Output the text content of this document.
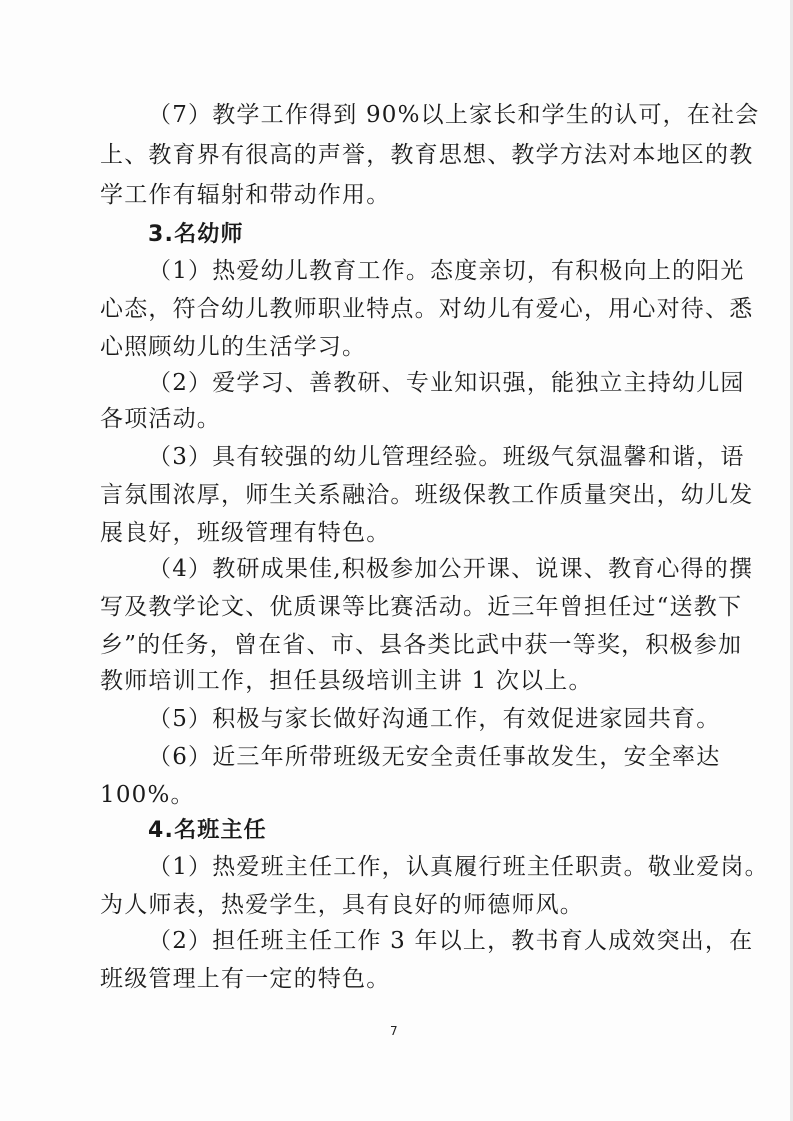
（7）教学工作得到 90%以上家长和学生的认可，在社会
上、教育界有很高的声誉，教育思想、教学方法对本地区的教
学工作有辐射和带动作用。
3.名幼师
（1）热爱幼儿教育工作。态度亲切，有积极向上的阳光
心态，符合幼儿教师职业特点。对幼儿有爱心，用心对待、悉
心照顾幼儿的生活学习。
（2）爱学习、善教研、专业知识强，能独立主持幼儿园
各项活动。
（3）具有较强的幼儿管理经验。班级气氛温馨和谐，语
言氛围浓厚，师生关系融洽。班级保教工作质量突出，幼儿发
展良好，班级管理有特色。
（4）教研成果佳,积极参加公开课、说课、教育心得的撰
写及教学论文、优质课等比赛活动。近三年曾担任过“送教下
乡”的任务，曾在省、市、县各类比武中获一等奖，积极参加
教师培训工作，担任县级培训主讲 1 次以上。
（5）积极与家长做好沟通工作，有效促进家园共育。
（6）近三年所带班级无安全责任事故发生，安全率达
100%。
4.名班主任
（1）热爱班主任工作，认真履行班主任职责。敬业爱岗。
为人师表，热爱学生，具有良好的师德师风。
（2）担任班主任工作 3 年以上，教书育人成效突出，在
班级管理上有一定的特色。
7
